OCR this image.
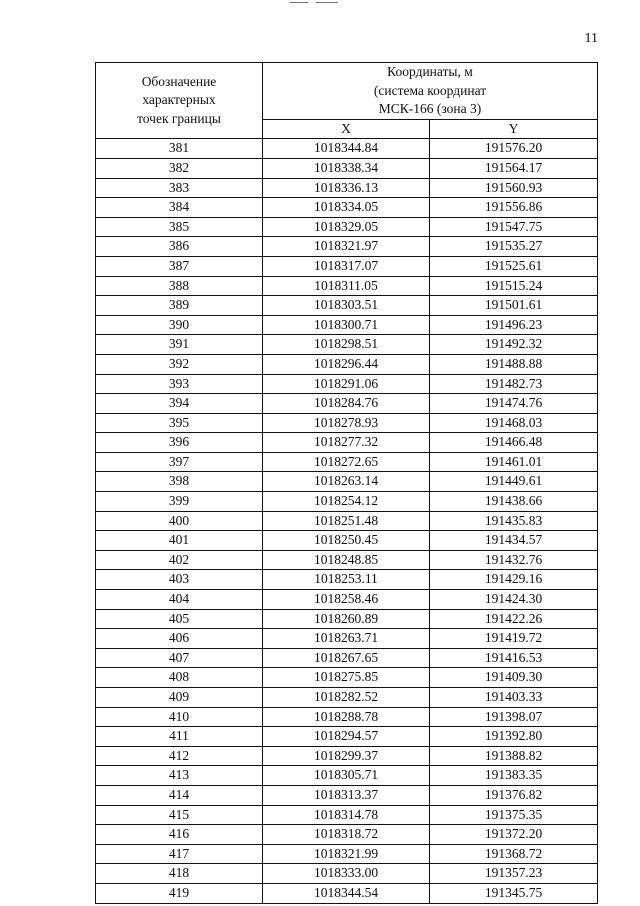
11
Обозначение
характерных
точек границы	Координаты, м
(система координат
МСК-166 (зона 3)	

	X	Y
381	1018344.84	191576.20
382	1018338.34	191564.17
383	1018336.13	191560.93
384	1018334.05	191556.86
385	1018329.05	191547.75
386	1018321.97	191535.27
387	1018317.07	191525.61
388	1018311.05	191515.24
389	1018303.51	191501.61
390	1018300.71	191496.23
391	1018298.51	191492.32
392	1018296.44	191488.88
393	1018291.06	191482.73
394	1018284.76	191474.76
395	1018278.93	191468.03
396	1018277.32	191466.48
397	1018272.65	191461.01
398	1018263.14	191449.61
399	1018254.12	191438.66
400	1018251.48	191435.83
401	1018250.45	191434.57
402	1018248.85	191432.76
403	1018253.11	191429.16
404	1018258.46	191424.30
405	1018260.89	191422.26
406	1018263.71	191419.72
407	1018267.65	191416.53
408	1018275.85	191409.30
409	1018282.52	191403.33
410	1018288.78	191398.07
411	1018294.57	191392.80
412	1018299.37	191388.82
413	1018305.71	191383.35
414	1018313.37	191376.82
415	1018314.78	191375.35
416	1018318.72	191372.20
417	1018321.99	191368.72
418	1018333.00	191357.23
419	1018344.54	191345.75
